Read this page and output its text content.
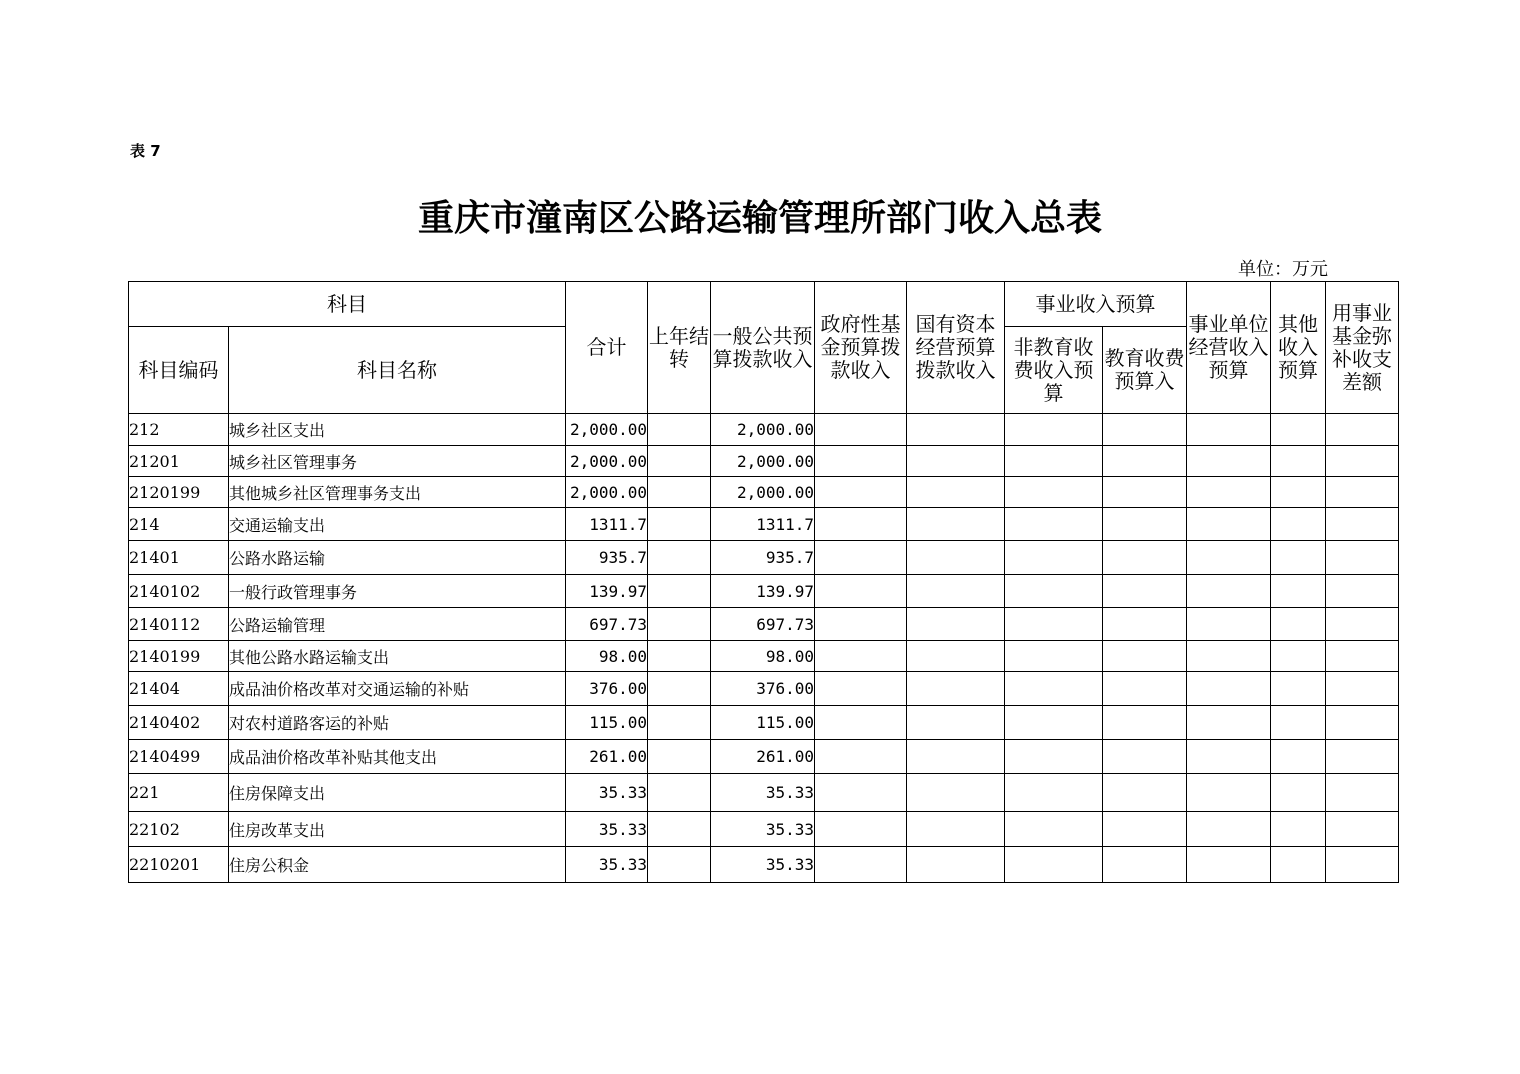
表 7
重庆市潼南区公路运输管理所部门收入总表
单位：万元
科目		合计	上年结转	一般公共预算拨款收入	政府性基金预算拨款收入	国有资本经营预算拨款收入	事业收入预算		事业单位经营收入预算	其他收入预算	用事业基金弥补收支差额
科目编码	科目名称						非教育收费收入预算	教育收费预算入			
212	城乡社区支出	2,000.00		2,000.00							
21201	城乡社区管理事务	2,000.00		2,000.00							
2120199	其他城乡社区管理事务支出	2,000.00		2,000.00							
214	交通运输支出	1311.7		1311.7							
21401	公路水路运输	935.7		935.7							
2140102	一般行政管理事务	139.97		139.97							
2140112	公路运输管理	697.73		697.73							
2140199	其他公路水路运输支出	98.00		98.00							
21404	成品油价格改革对交通运输的补贴	376.00		376.00							
2140402	对农村道路客运的补贴	115.00		115.00							
2140499	成品油价格改革补贴其他支出	261.00		261.00							
221	住房保障支出	35.33		35.33							
22102	住房改革支出	35.33		35.33							
2210201	住房公积金	35.33		35.33							
